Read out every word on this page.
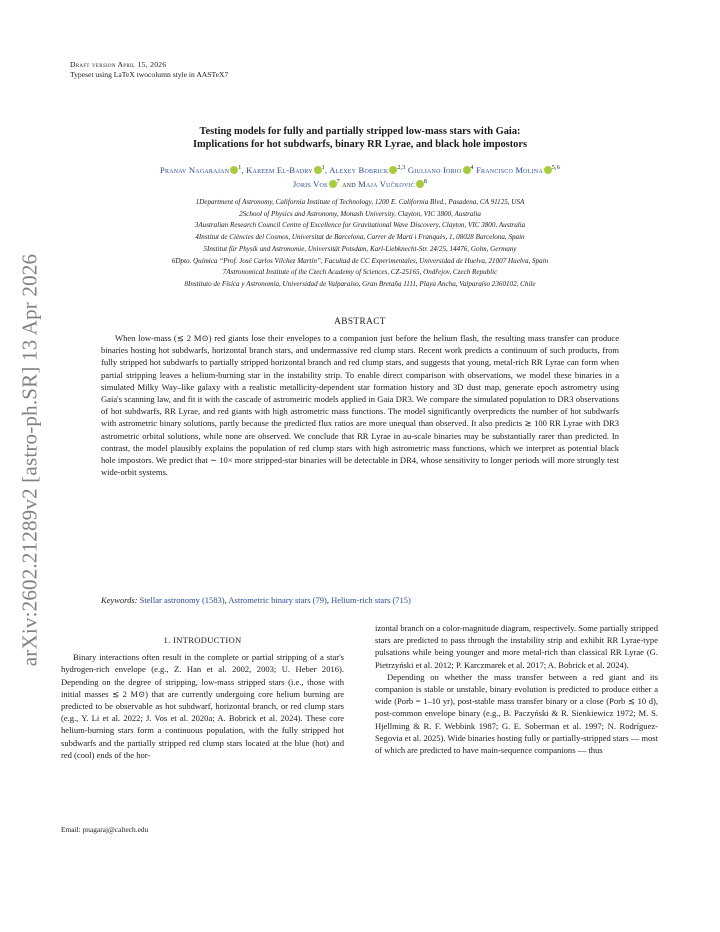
arXiv:2602.21289v2 [astro-ph.SR] 13 Apr 2026
Draft version April 15, 2026
Typeset using LaTeX twocolumn style in AASTeX7
Testing models for fully and partially stripped low-mass stars with Gaia:
Implications for hot subdwarfs, binary RR Lyrae, and black hole impostors
Pranav Nagarajan $^1$, Kareem El-Badry $^1$, Alexey Bobrick $^{2,3}$ Giuliano Iorio $^4$ Francisco Molina $^{5,6}$
Joris Vos $^7$ and Maja Vučković $^8$
1Department of Astronomy, California Institute of Technology, 1200 E. California Blvd., Pasadena, CA 91125, USA
2School of Physics and Astronomy, Monash University, Clayton, VIC 3800, Australia
3Australian Research Council Centre of Excellence for Gravitational Wave Discovery, Clayton, VIC 3800, Australia
4Institut de Ciències del Cosmos, Universitat de Barcelona, Carrer de Martí i Franquès, 1, 08028 Barcelona, Spain
5Institut für Physik und Astronomie, Universität Potsdam, Karl-Liebknecht-Str. 24/25, 14476, Golm, Germany
6Dpto. Química “Prof. José Carlos Vílchez Martín”, Facultad de CC Experimentales, Universidad de Huelva, 21007 Huelva, Spain
7Astronomical Institute of the Czech Academy of Sciences, CZ-25165, Ondřejov, Czech Republic
8Instituto de Física y Astronomía, Universidad de Valparaíso, Gran Bretaña 1111, Playa Ancha, Valparaíso 2360102, Chile
ABSTRACT
When low-mass (≲ 2 M⊙) red giants lose their envelopes to a companion just before the helium flash, the resulting mass transfer can produce binaries hosting hot subdwarfs, horizontal branch stars, and undermassive red clump stars. Recent work predicts a continuum of such products, from fully stripped hot subdwarfs to partially stripped horizontal branch and red clump stars, and suggests that young, metal-rich RR Lyrae can form when partial stripping leaves a helium-burning star in the instability strip. To enable direct comparison with observations, we model these binaries in a simulated Milky Way–like galaxy with a realistic metallicity-dependent star formation history and 3D dust map, generate epoch astrometry using Gaia's scanning law, and fit it with the cascade of astrometric models applied in Gaia DR3. We compare the simulated population to DR3 observations of hot subdwarfs, RR Lyrae, and red giants with high astrometric mass functions. The model significantly overpredicts the number of hot subdwarfs with astrometric binary solutions, partly because the predicted flux ratios are more unequal than observed. It also predicts ≳ 100 RR Lyrae with DR3 astrometric orbital solutions, while none are observed. We conclude that RR Lyrae in au-scale binaries may be substantially rarer than predicted. In contrast, the model plausibly explains the population of red clump stars with high astrometric mass functions, which we interpret as potential black hole impostors. We predict that ∼ 10× more stripped-star binaries will be detectable in DR4, whose sensitivity to longer periods will more strongly test wide-orbit systems.
Keywords: Stellar astronomy (1583), Astrometric binary stars (79), Helium-rich stars (715)
1. INTRODUCTION

Binary interactions often result in the complete or partial stripping of a star's hydrogen-rich envelope (e.g., Z. Han et al. 2002, 2003; U. Heber 2016). Depending on the degree of stripping, low-mass stripped stars (i.e., those with initial masses ≲ 2 M⊙) that are currently undergoing core helium burning are predicted to be observable as hot subdwarf, horizontal branch, or red clump stars (e.g., Y. Li et al. 2022; J. Vos et al. 2020a; A. Bobrick et al. 2024). These core helium-burning stars form a continuous population, with the fully stripped hot subdwarfs and the partially stripped red clump stars located at the blue (hot) and red (cool) ends of the hor-

izontal branch on a color-magnitude diagram, respectively. Some partially stripped stars are predicted to pass through the instability strip and exhibit RR Lyrae-type pulsations while being younger and more metal-rich than classical RR Lyrae (G. Pietrzyński et al. 2012; P. Karczmarek et al. 2017; A. Bobrick et al. 2024).

Depending on whether the mass transfer between a red giant and its companion is stable or unstable, binary evolution is predicted to produce either a wide (Porb = 1–10 yr), post-stable mass transfer binary or a close (Porb ≲ 10 d), post-common envelope binary (e.g., B. Paczyński & R. Sienkiewicz 1972; M. S. Hjellming & R. F. Webbink 1987; G. E. Soberman et al. 1997; N. Rodríguez-Segovia et al. 2025). Wide binaries hosting fully or partially-stripped stars — most of which are predicted to have main-sequence companions — thus

Email: pnagaraj@caltech.edu
